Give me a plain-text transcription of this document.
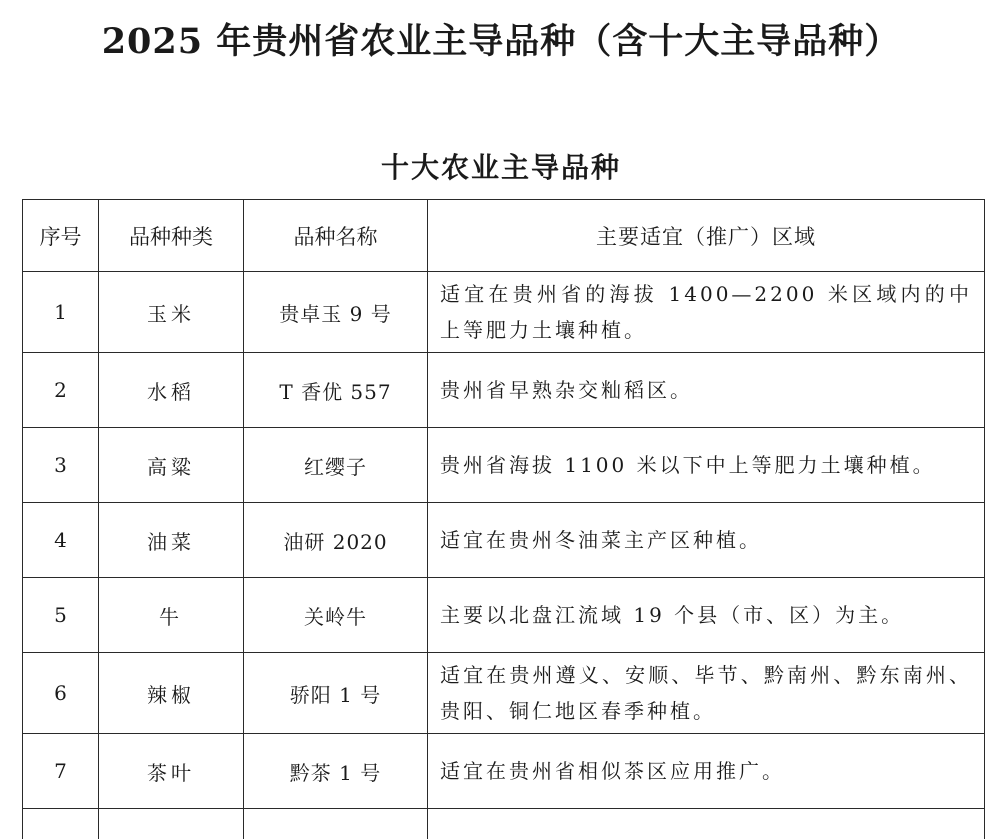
2025 年贵州省农业主导品种（含十大主导品种）
十大农业主导品种
序号	品种种类	品种名称	主要适宜（推广）区域
1	玉米	贵卓玉 9 号	适宜在贵州省的海拔 1400—2200 米区域内的中上等肥力土壤种植。
2	水稻	T 香优 557	贵州省早熟杂交籼稻区。
3	高粱	红缨子	贵州省海拔 1100 米以下中上等肥力土壤种植。
4	油菜	油研 2020	适宜在贵州冬油菜主产区种植。
5	牛	关岭牛	主要以北盘江流域 19 个县（市、区）为主。
6	辣椒	骄阳 1 号	适宜在贵州遵义、安顺、毕节、黔南州、黔东南州、贵阳、铜仁地区春季种植。
7	茶叶	黔茶 1 号	适宜在贵州省相似茶区应用推广。
